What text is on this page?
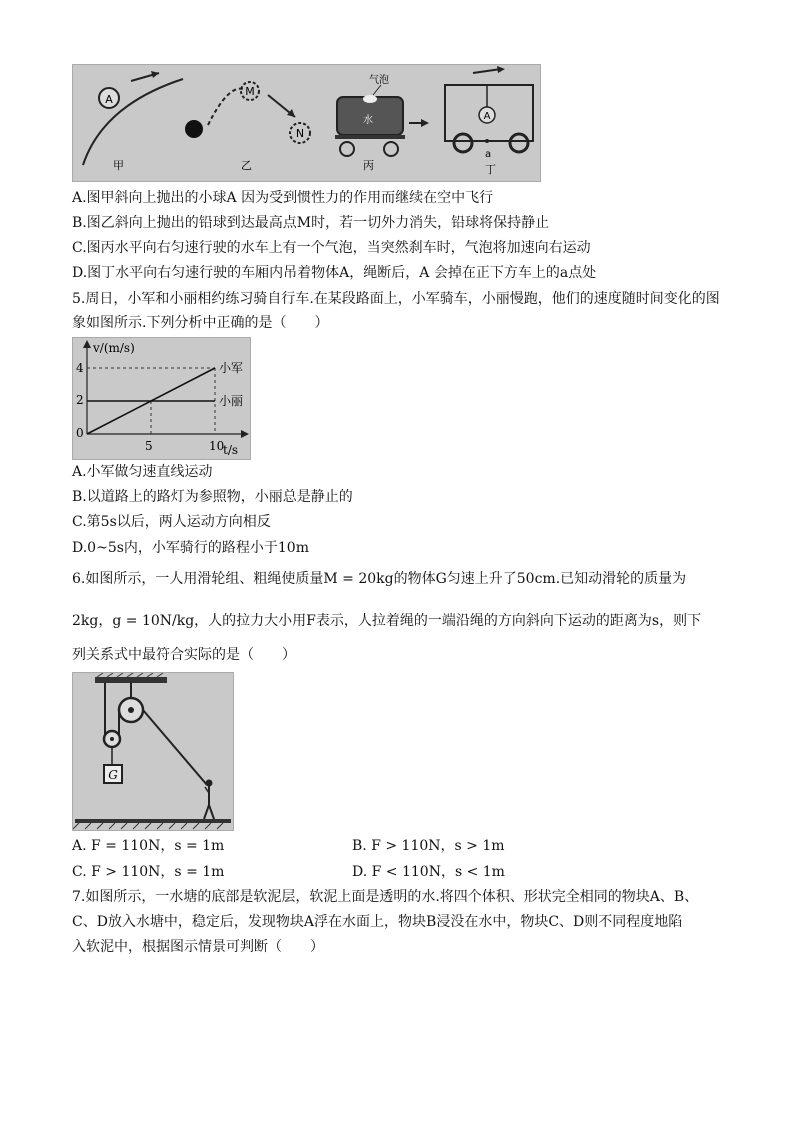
A
甲
M
N
乙
气泡
水
丙
A
a
丁
A.图甲斜向上抛出的小球A 因为受到惯性力的作用而继续在空中飞行
B.图乙斜向上抛出的铅球到达最高点M时，若一切外力消失，铅球将保持静止
C.图丙水平向右匀速行驶的水车上有一个气泡，当突然刹车时，气泡将加速向右运动
D.图丁水平向右匀速行驶的车厢内吊着物体A，绳断后，A 会掉在正下方车上的a点处
5.周日，小军和小丽相约练习骑自行车.在某段路面上，小军骑车，小丽慢跑，他们的速度随时间变化的图
象如图所示.下列分析中正确的是（　　）
v/(m/s)
t/s
0
2
4
5	10
小军
小丽
A.小军做匀速直线运动
B.以道路上的路灯为参照物，小丽总是静止的
C.第5s以后，两人运动方向相反
D.0~5s内，小军骑行的路程小于10m
6.如图所示，一人用滑轮组、粗绳使质量M = 20kg的物体G匀速上升了50cm.已知动滑轮的质量为
2kg，g = 10N/kg，人的拉力大小用F表示，人拉着绳的一端沿绳的方向斜向下运动的距离为s，则下
列关系式中最符合实际的是（　　）
G
A. F = 110N，s = 1m	B. F > 110N，s > 1m
C. F > 110N，s = 1m	D. F < 110N，s < 1m
7.如图所示，一水塘的底部是软泥层，软泥上面是透明的水.将四个体积、形状完全相同的物块A、B、
C、D放入水塘中，稳定后，发现物块A浮在水面上，物块B浸没在水中，物块C、D则不同程度地陷
入软泥中，根据图示情景可判断（　　）
